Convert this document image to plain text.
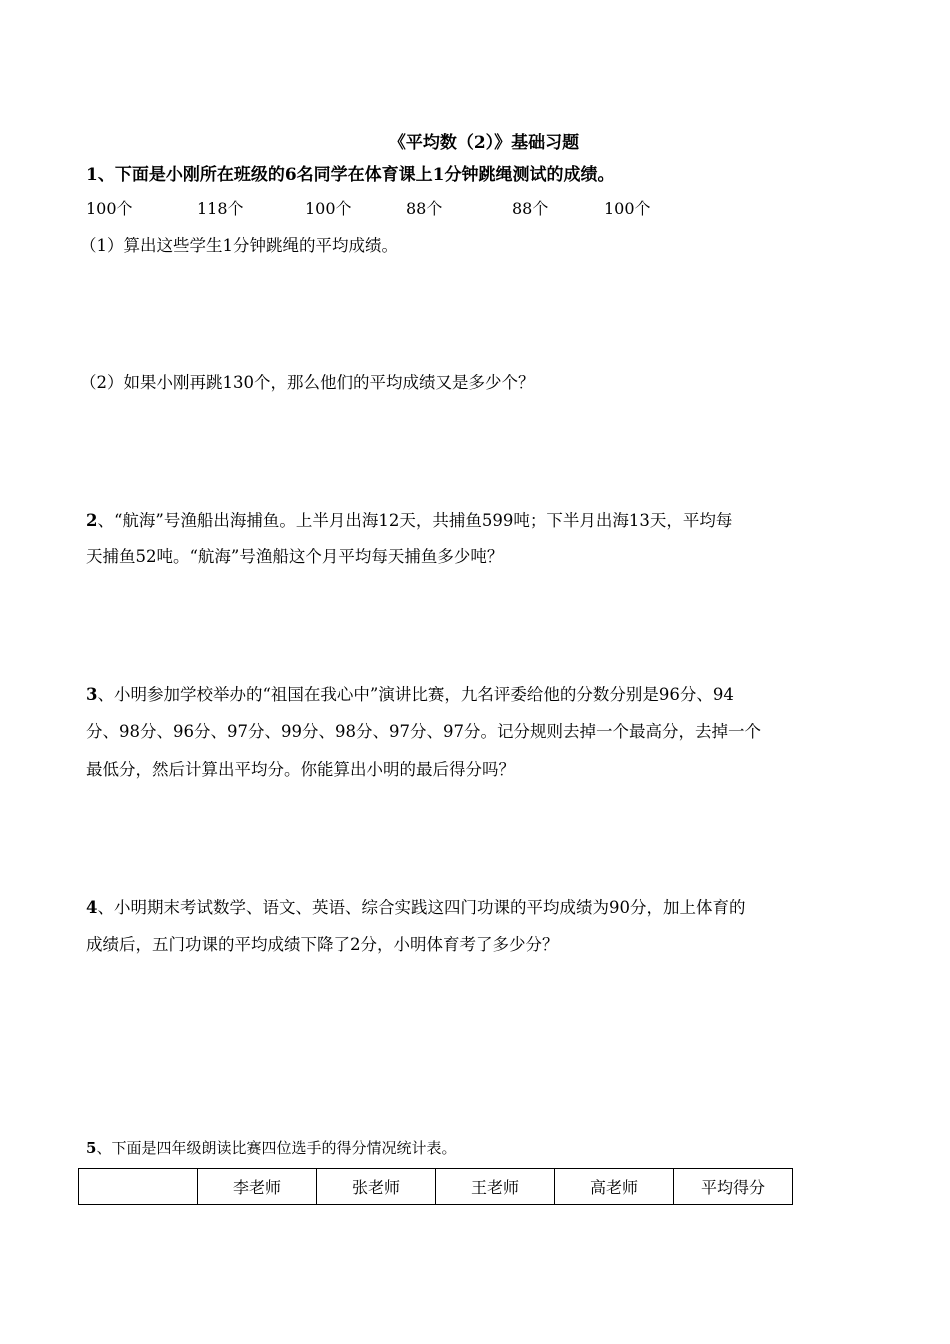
《平均数（2）》基础习题
1、下面是小刚所在班级的6名同学在体育课上1分钟跳绳测试的成绩。
100个	118个	100个	88个	88个	100个
（1）算出这些学生1分钟跳绳的平均成绩。
（2）如果小刚再跳130个，那么他们的平均成绩又是多少个？
2、“航海”号渔船出海捕鱼。上半月出海12天，共捕鱼599吨；下半月出海13天，平均每
天捕鱼52吨。“航海”号渔船这个月平均每天捕鱼多少吨？
3、小明参加学校举办的“祖国在我心中”演讲比赛，九名评委给他的分数分别是96分、94
分、98分、96分、97分、99分、98分、97分、97分。记分规则去掉一个最高分，去掉一个
最低分，然后计算出平均分。你能算出小明的最后得分吗？
4、小明期末考试数学、语文、英语、综合实践这四门功课的平均成绩为90分，加上体育的
成绩后，五门功课的平均成绩下降了2分，小明体育考了多少分？
5、下面是四年级朗读比赛四位选手的得分情况统计表。
	李老师	张老师	王老师	高老师	平均得分
